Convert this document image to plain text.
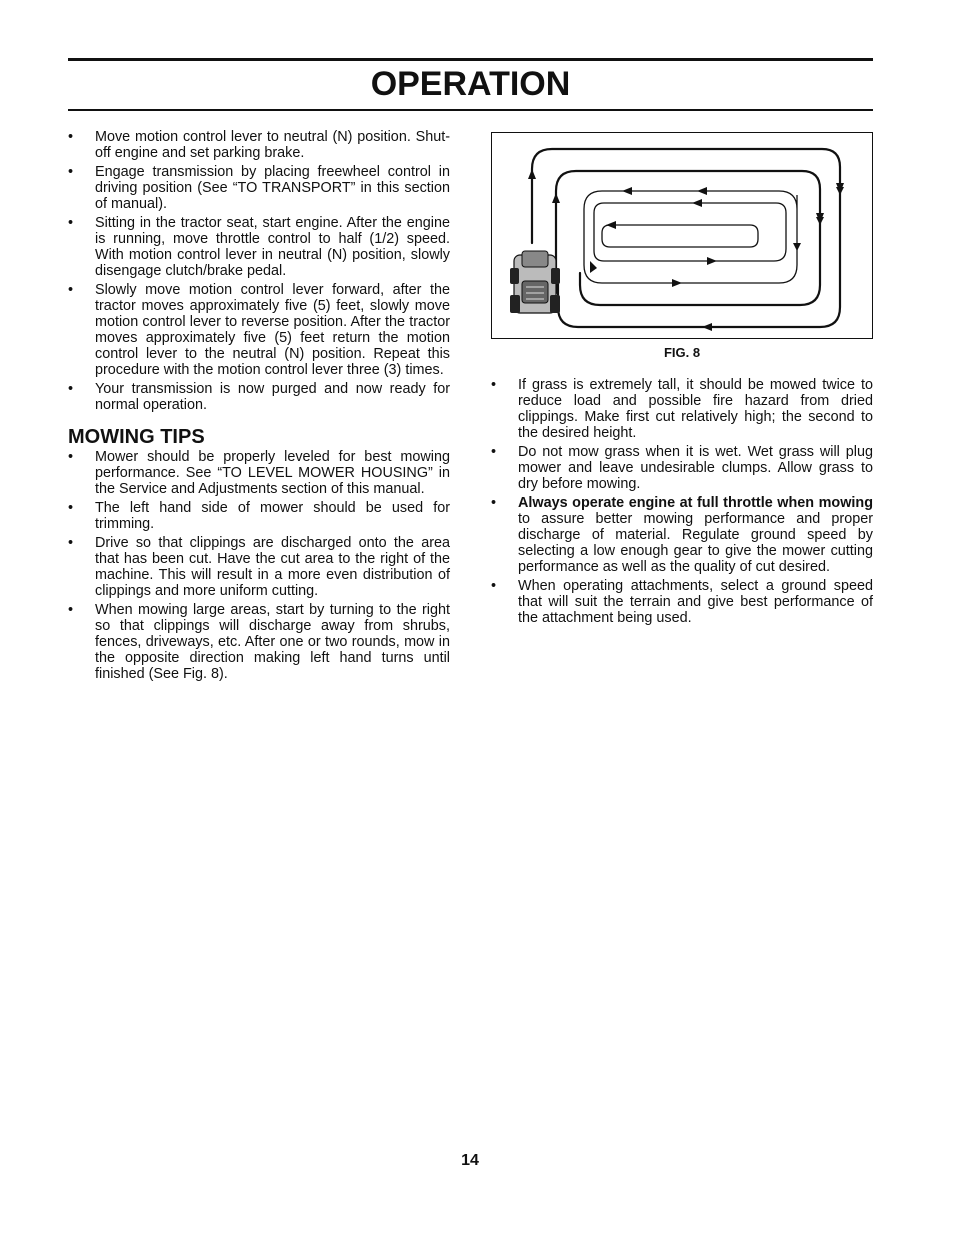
OPERATION
• Move motion control lever to neutral (N) position. Shut-off engine and set parking brake.
• Engage transmission by placing freewheel control in driving position (See “TO TRANSPORT” in this section of manual).
• Sitting in the tractor seat, start engine. After the engine is running, move throttle control to half (1/2) speed. With motion control lever in neutral (N) position, slowly disengage clutch/brake pedal.
• Slowly move motion control lever forward, after the tractor moves approximately five (5) feet, slowly move motion control lever to reverse position. After the tractor moves approximately five (5) feet return the motion control lever to the neutral (N) position. Repeat this procedure with the motion control lever three (3) times.
• Your transmission is now purged and now ready for normal operation.
MOWING TIPS
• Mower should be properly leveled for best mowing performance. See “TO LEVEL MOWER HOUSING” in the Service and Adjustments section of this manual.
• The left hand side of mower should be used for trimming.
• Drive so that clippings are discharged onto the area that has been cut. Have the cut area to the right of the machine. This will result in a more even distribution of clippings and more uniform cutting.
• When mowing large areas, start by turning to the right so that clippings will discharge away from shrubs, fences, driveways, etc. After one or two rounds, mow in the opposite direction making left hand turns until finished (See Fig. 8).
FIG. 8
• If grass is extremely tall, it should be mowed twice to reduce load and possible fire hazard from dried clippings. Make first cut relatively high; the second to the desired height.
• Do not mow grass when it is wet. Wet grass will plug mower and leave undesirable clumps. Allow grass to dry before mowing.
• Always operate engine at full throttle when mowing to assure better mowing performance and proper discharge of material. Regulate ground speed by selecting a low enough gear to give the mower cutting performance as well as the quality of cut desired.
• When operating attachments, select a ground speed that will suit the terrain and give best performance of the attachment being used.
14
